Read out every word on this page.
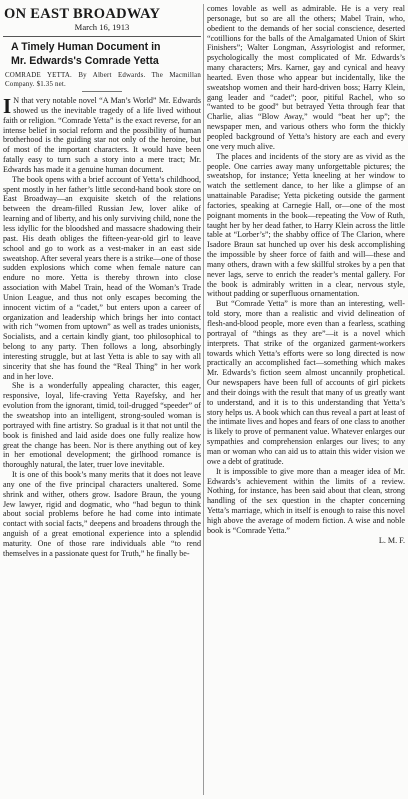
ON EAST BROADWAY
March 16, 1913
A Timely Human Document in
Mr. Edwards's Comrade Yetta
COMRADE YETTA. By Albert Edwards. The Macmillan Company. $1.35 net.

I N that very notable novel “A Man’s World” Mr. Edwards showed us the inevitable tragedy of a life lived without faith or religion. “Comrade Yetta” is the exact reverse, for an intense belief in social reform and the possibility of human brotherhood is the guiding star not only of the heroine, but of most of the important characters. It would have been fatally easy to turn such a story into a mere tract; Mr. Edwards has made it a genuine human document.

The book opens with a brief account of Yetta’s childhood, spent mostly in her father’s little second-hand book store on East Broadway—an exquisite sketch of the relations between the dream-filled Russian Jew, lover alike of learning and of liberty, and his only surviving child, none the less idyllic for the bloodshed and massacre shadowing their past. His death obliges the fifteen-year-old girl to leave school and go to work as a vest-maker in an east side sweatshop. After several years there is a strike—one of those sudden explosions which come when female nature can endure no more. Yetta is thereby thrown into close association with Mabel Train, head of the Woman’s Trade Union League, and thus not only escapes becoming the innocent victim of a “cadet,” but enters upon a career of organization and leadership which brings her into contact with rich “women from uptown” as well as trades unionists, Socialists, and a certain kindly giant, too philosophical to belong to any party. Then follows a long, absorbingly interesting struggle, but at last Yetta is able to say with all sincerity that she has found the “Real Thing” in her work and in her love.

She is a wonderfully appealing character, this eager, responsive, loyal, life-craving Yetta Rayefsky, and her evolution from the ignorant, timid, toil-drugged “speeder” of the sweatshop into an intelligent, strong-souled woman is portrayed with fine artistry. So gradual is it that not until the book is finished and laid aside does one fully realize how great the change has been. Nor is there anything out of key in her emotional development; the girlhood romance is thoroughly natural, the later, truer love inevitable.

It is one of this book’s many merits that it does not leave any one of the five principal characters unaltered. Some shrink and wither, others grow. Isadore Braun, the young Jew lawyer, rigid and dogmatic, who “had begun to think about social problems before he had come into intimate contact with social facts,” deepens and broadens through the anguish of a great emotional experience into a splendid maturity. One of those rare individuals able “to rend themselves in a passionate quest for Truth,” he finally be-

comes lovable as well as admirable. He is a very real personage, but so are all the others; Mabel Train, who, obedient to the demands of her social conscience, deserted “cotillions for the balls of the Amalgamated Union of Skirt Finishers”; Walter Longman, Assyriologist and reformer, psychologically the most complicated of Mr. Edwards’s many characters; Mrs. Karner, gay and cynical and heavy hearted. Even those who appear but incidentally, like the sweatshop women and their hard-driven boss; Harry Klein, gang leader and “cadet”; poor, pitiful Rachel, who so “wanted to be good” but betrayed Yetta through fear that Charlie, alias “Blow Away,” would “beat her up”; the newspaper men, and various others who form the thickly peopled background of Yetta’s history are each and every one very much alive.

The places and incidents of the story are as vivid as the people. One carries away many unforgettable pictures; the sweatshop, for instance; Yetta kneeling at her window to watch the settlement dance, to her like a glimpse of an unattainable Paradise; Yetta picketing outside the garment factories, speaking at Carnegie Hall, or—one of the most poignant moments in the book—repeating the Vow of Ruth, taught her by her dead father, to Harry Klein across the little table at “Lorber’s”; the shabby office of The Clarion, where Isadore Braun sat hunched up over his desk accomplishing the impossible by sheer force of faith and will—these and many others, drawn with a few skillful strokes by a pen that never lags, serve to enrich the reader’s mental gallery. For the book is admirably written in a clear, nervous style, without padding or superfluous ornamentation.

But “Comrade Yetta” is more than an interesting, well-told story, more than a realistic and vivid delineation of flesh-and-blood people, more even than a fearless, scathing portrayal of “things as they are”—it is a novel which interprets. That strike of the organized garment-workers towards which Yetta’s efforts were so long directed is now practically an accomplished fact—something which makes Mr. Edwards’s fiction seem almost uncannily prophetical. Our newspapers have been full of accounts of girl pickets and their doings with the result that many of us greatly want to understand, and it is to this understanding that Yetta’s story helps us. A book which can thus reveal a part at least of the intimate lives and hopes and fears of one class to another is likely to prove of permanent value. Whatever enlarges our sympathies and comprehension enlarges our lives; to any man or woman who can aid us to attain this wider vision we owe a debt of gratitude.

It is impossible to give more than a meager idea of Mr. Edwards’s achievement within the limits of a review. Nothing, for instance, has been said about that clean, strong handling of the sex question in the chapter concerning Yetta’s marriage, which in itself is enough to raise this novel high above the average of modern fiction. A wise and noble book is “Comrade Yetta.”

L. M. F.
